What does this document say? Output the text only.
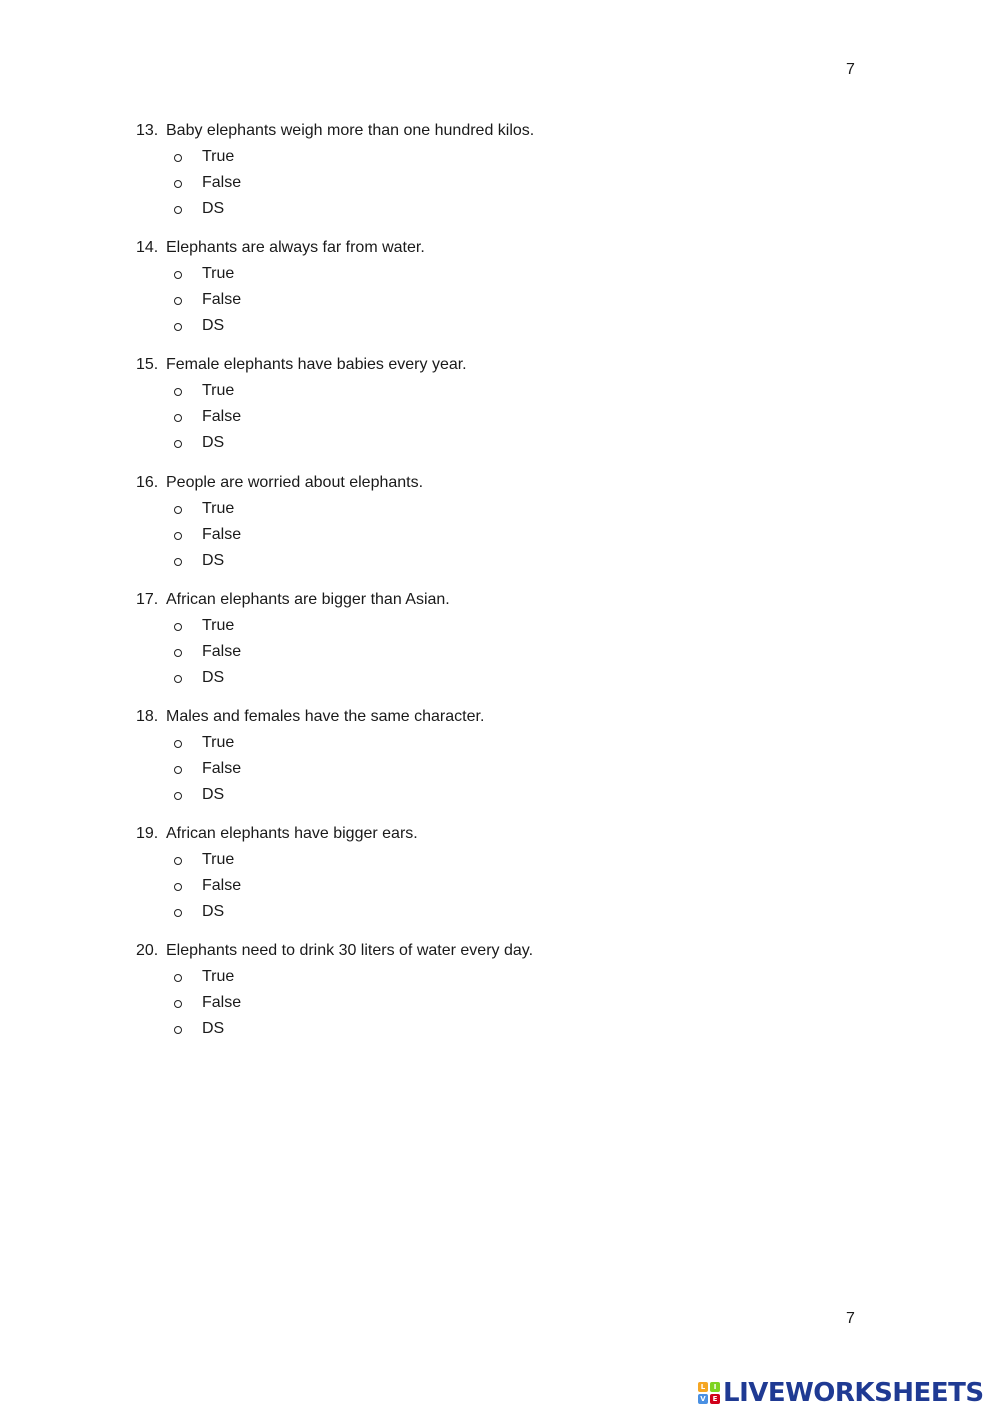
7
13. Baby elephants weigh more than one hundred kilos.
True
False
DS
14. Elephants are always far from water.
True
False
DS
15. Female elephants have babies every year.
True
False
DS
16. People are worried about elephants.
True
False
DS
17. African elephants are bigger than Asian.
True
False
DS
18. Males and females have the same character.
True
False
DS
19. African elephants have bigger ears.
True
False
DS
20. Elephants need to drink 30 liters of water every day.
True
False
DS
7
L	I
V E LIVEWORKSHEETS
